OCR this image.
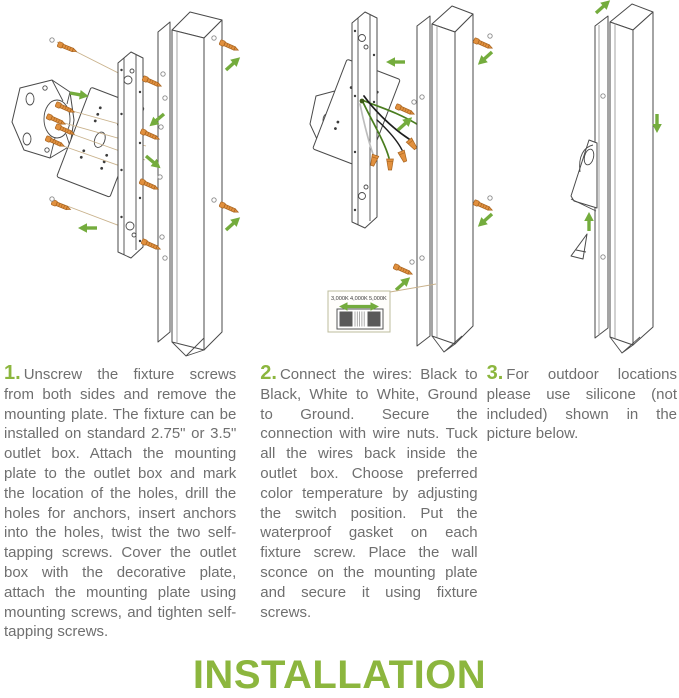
3,000K 4,000K 5,000K

1. Unscrew the fixture screws from both sides and remove the mounting plate. The fixture can be installed on standard 2.75" or 3.5" outlet box. Attach the mounting plate to the outlet box and mark the location of the holes, drill the holes for anchors, insert anchors into the holes, twist the two self-tapping screws. Cover the outlet box with the decorative plate, attach the mounting plate using mounting screws, and tighten self-tapping screws.

2. Connect the wires: Black to Black, White to White, Ground to Ground. Secure the connection with wire nuts. Tuck all the wires back inside the outlet box. Choose preferred color temperature by adjusting the switch position. Put the waterproof gasket on each fixture screw. Place the wall sconce on the mounting plate and secure it using fixture screws.

3. For outdoor locations please use silicone (not included) shown in the picture below.

INSTALLATION
